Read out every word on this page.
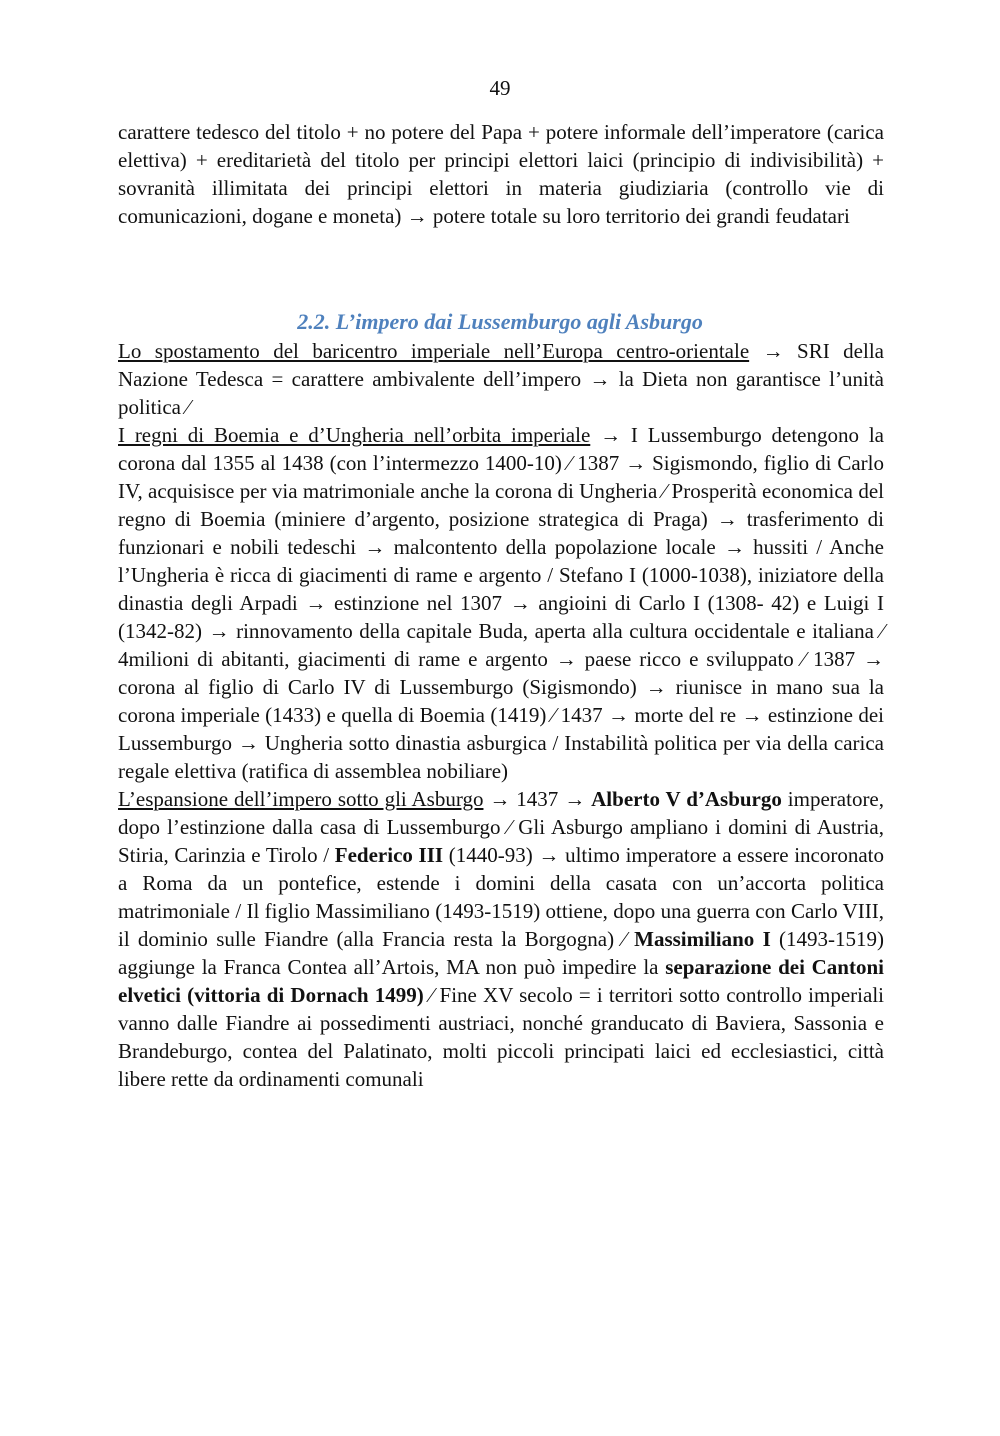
49
carattere tedesco del titolo + no potere del Papa + potere informale dell’imperatore (carica elettiva) + ereditarietà del titolo per principi elettori laici (principio di indivisibilità) + sovranità illimitata dei principi elettori in materia giudiziaria (controllo vie di comunicazioni, dogane e moneta) → potere totale su loro territorio dei grandi feudatari
2.2. L’impero dai Lussemburgo agli Asburgo
Lo spostamento del baricentro imperiale nell’Europa centro-orientale → SRI della Nazione Tedesca = carattere ambivalente dell’impero → la Dieta non garantisce l’unità politica ⁄
I regni di Boemia e d’Ungheria nell’orbita imperiale → I Lussemburgo detengono la corona dal 1355 al 1438 (con l’intermezzo 1400-10) ⁄ 1387 → Sigismondo, figlio di Carlo IV, acquisisce per via matrimoniale anche la corona di Ungheria ⁄ Prosperità economica del regno di Boemia (miniere d’argento, posizione strategica di Praga) → trasferimento di funzionari e nobili tedeschi → malcontento della popolazione locale → hussiti / Anche l’Ungheria è ricca di giacimenti di rame e argento / Stefano I (1000-1038), iniziatore della dinastia degli Arpadi → estinzione nel 1307 → angioini di Carlo I (1308- 42) e Luigi I (1342-82) → rinnovamento della capitale Buda, aperta alla cultura occidentale e italiana ⁄ 4milioni di abitanti, giacimenti di rame e argento → paese ricco e sviluppato ⁄ 1387 → corona al figlio di Carlo IV di Lussemburgo (Sigismondo) → riunisce in mano sua la corona imperiale (1433) e quella di Boemia (1419) ⁄ 1437 → morte del re → estinzione dei Lussemburgo → Ungheria sotto dinastia asburgica / Instabilità politica per via della carica regale elettiva (ratifica di assemblea nobiliare)
L’espansione dell’impero sotto gli Asburgo → 1437 → Alberto V d’Asburgo imperatore, dopo l’estinzione dalla casa di Lussemburgo ⁄ Gli Asburgo ampliano i domini di Austria, Stiria, Carinzia e Tirolo / Federico III (1440-93) → ultimo imperatore a essere incoronato a Roma da un pontefice, estende i domini della casata con un’accorta politica matrimoniale / Il figlio Massimiliano (1493-1519) ottiene, dopo una guerra con Carlo VIII, il dominio sulle Fiandre (alla Francia resta la Borgogna) ⁄ Massimiliano I (1493-1519) aggiunge la Franca Contea all’Artois, MA non può impedire la separazione dei Cantoni elvetici (vittoria di Dornach 1499) ⁄ Fine XV secolo = i territori sotto controllo imperiali vanno dalle Fiandre ai possedimenti austriaci, nonché granducato di Baviera, Sassonia e Brandeburgo, contea del Palatinato, molti piccoli principati laici ed ecclesiastici, città libere rette da ordinamenti comunali
